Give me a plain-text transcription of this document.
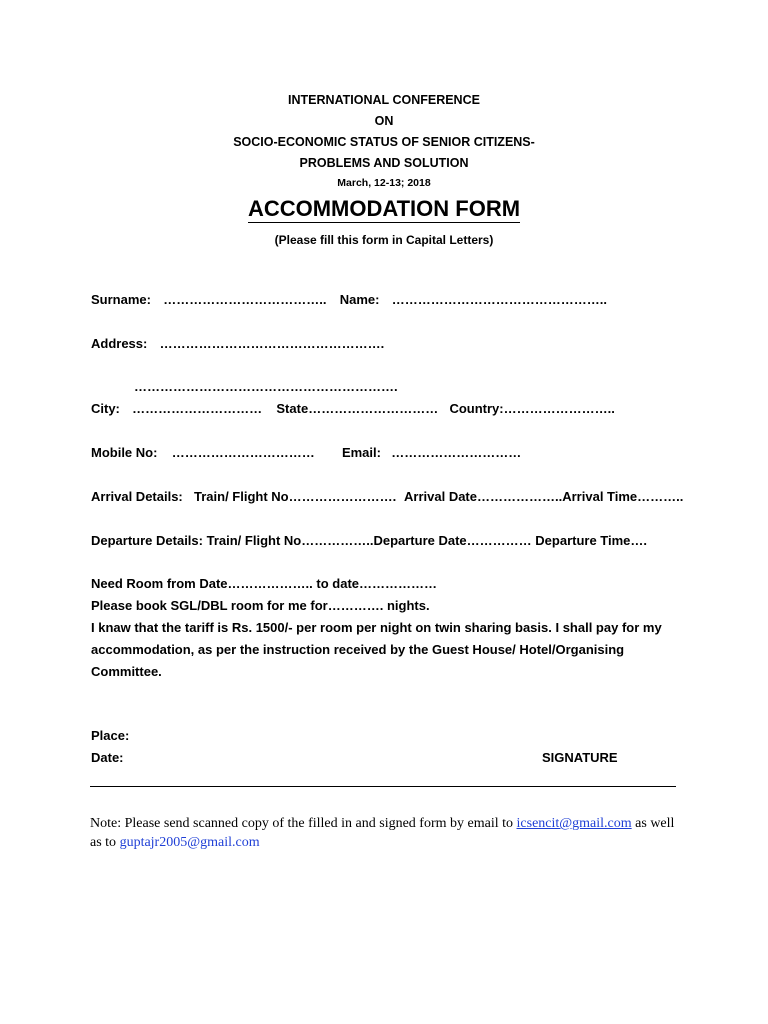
INTERNATIONAL CONFERENCE
ON
SOCIO-ECONOMIC STATUS OF SENIOR CITIZENS-
PROBLEMS AND SOLUTION
March, 12-13; 2018
ACCOMMODATION FORM
(Please fill this form in Capital Letters)
Surname: ……………………………….. Name: …………………………………………..
Address: …………………………………………….
…………………………………………………….
City: ………………………… State………………………… Country:……………………..
Mobile No: …………………………… Email: …………………………
Arrival Details: Train/ Flight No……………………. Arrival Date………………..Arrival Time………..
Departure Details: Train/ Flight No……………..Departure Date…………… Departure Time….
Need Room from Date……………….. to date………………
Please book SGL/DBL room for me for…………. nights.
I knaw that the tariff is Rs. 1500/- per room per night on twin sharing basis. I shall pay for my
accommodation, as per the instruction received by the Guest House/ Hotel/Organising
Committee.
Place:
Date:	SIGNATURE
Note: Please send scanned copy of the filled in and signed form by email to icsencit@gmail.com as well
as to guptajr2005@gmail.com
